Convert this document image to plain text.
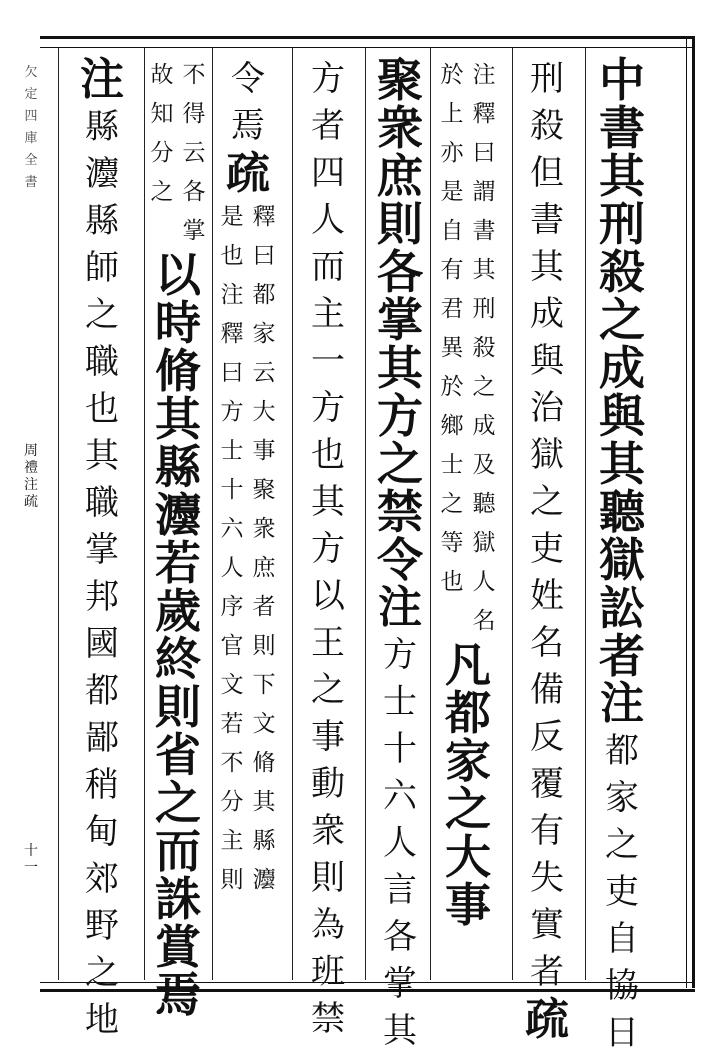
欠
定
四
庫
全
書
周
禮
注
疏
十
一
中
書
其
刑
殺
之
成
與
其
聽
獄
訟
者
注
都
家
之
吏
自
協
日
刑
殺
但
書
其
成
與
治
獄
之
吏
姓
名
備
反
覆
有
失
實
者
疏
於
上
亦
是
自
有
君
異
於
鄉
士
之
等
也
注
釋
曰
謂
書
其
刑
殺
之
成
及
聽
獄
人
名
凡
都
家
之
大
事
聚
衆
庶
則
各
掌
其
方
之
禁
令
注
方
士
十
六
人
言
各
掌
其
方
者
四
人
而
主
一
方
也
其
方
以
王
之
事
動
衆
則
為
班
禁
令
焉
疏
是
也
注
釋
曰
方
士
十
六
人
序
官
文
若
不
分
主
則
釋
曰
都
家
云
大
事
聚
衆
庶
者
則
下
文
脩
其
縣
灋
故
知
分
之
不
得
云
各
掌
以
時
脩
其
縣
灋
若
歲
終
則
省
之
而
誅
賞
焉
注
縣
灋
縣
師
之
職
也
其
職
掌
邦
國
都
鄙
稍
甸
郊
野
之
地
